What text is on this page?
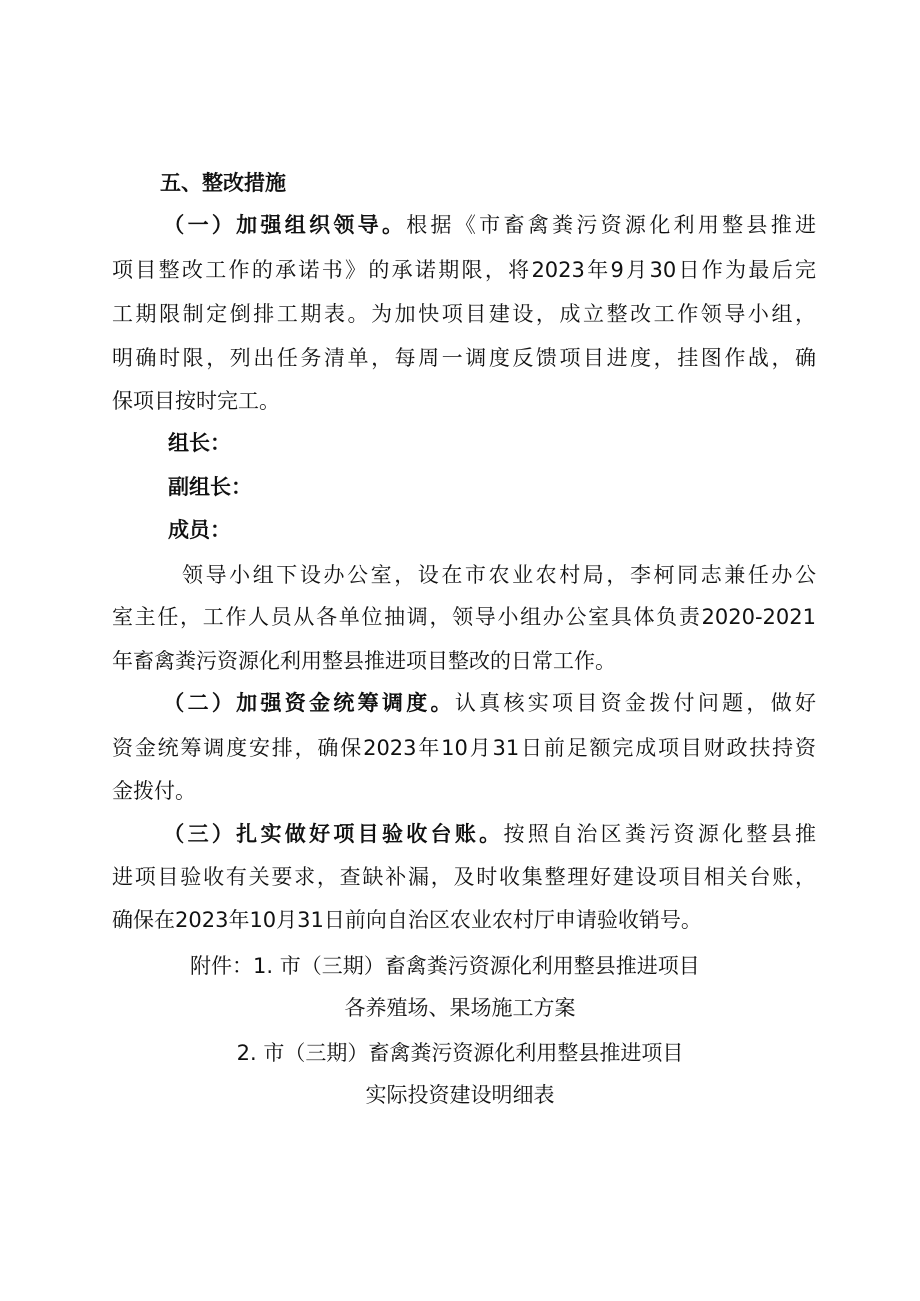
五、整改措施
（一）加强组织领导。根据《市畜禽粪污资源化利用整县推进
项目整改工作的承诺书》的承诺期限，将2023年9月30日作为最后完
工期限制定倒排工期表。为加快项目建设，成立整改工作领导小组，
明确时限，列出任务清单，每周一调度反馈项目进度，挂图作战，确
保项目按时完工。
组长：
副组长：
成员：
领导小组下设办公室，设在市农业农村局，李柯同志兼任办公
室主任，工作人员从各单位抽调，领导小组办公室具体负责2020-2021
年畜禽粪污资源化利用整县推进项目整改的日常工作。
（二）加强资金统筹调度。认真核实项目资金拨付问题，做好
资金统筹调度安排，确保2023年10月31日前足额完成项目财政扶持资
金拨付。
（三）扎实做好项目验收台账。按照自治区粪污资源化整县推
进项目验收有关要求，查缺补漏，及时收集整理好建设项目相关台账，
确保在2023年10月31日前向自治区农业农村厅申请验收销号。
附件：1. 市（三期）畜禽粪污资源化利用整县推进项目
各养殖场、果场施工方案
2. 市（三期）畜禽粪污资源化利用整县推进项目
实际投资建设明细表
